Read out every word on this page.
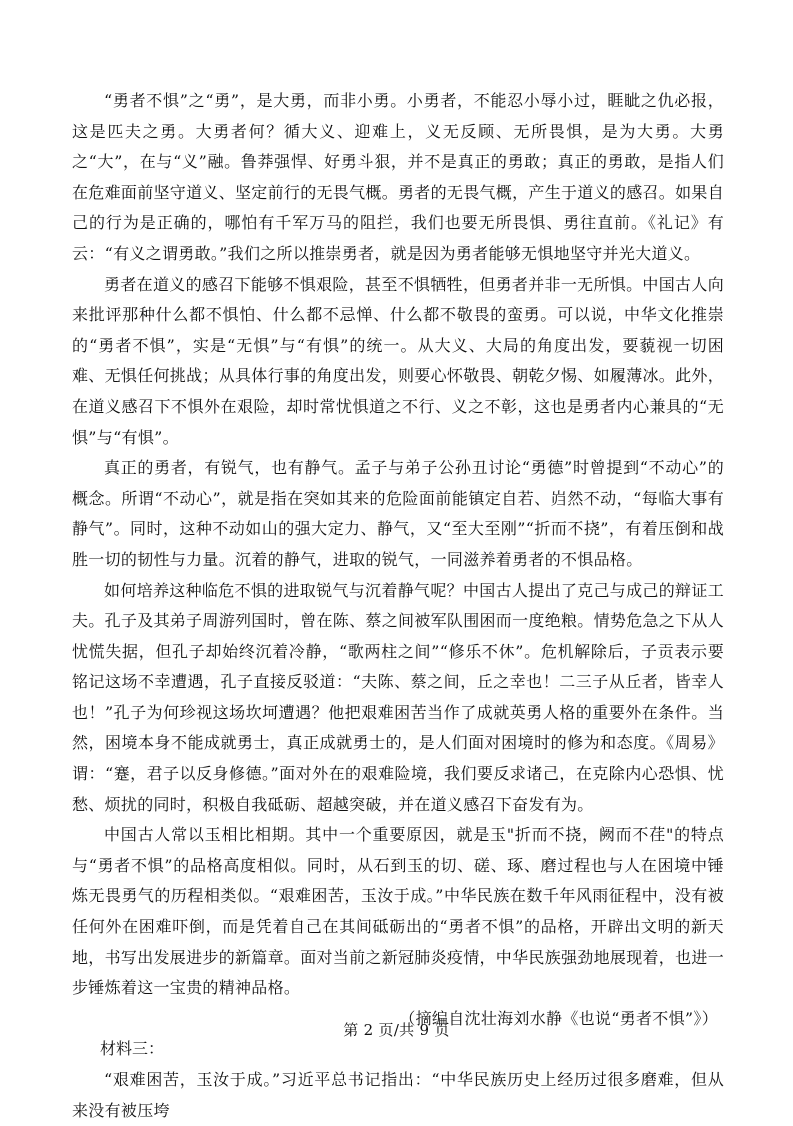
“勇者不惧”之“勇”，是大勇，而非小勇。小勇者，不能忍小辱小过，睚眦之仇必报，这是匹夫之勇。大勇者何？循大义、迎难上，义无反顾、无所畏惧，是为大勇。大勇之“大”，在与“义”融。鲁莽强悍、好勇斗狠，并不是真正的勇敢；真正的勇敢，是指人们在危难面前坚守道义、坚定前行的无畏气概。勇者的无畏气概，产生于道义的感召。如果自己的行为是正确的，哪怕有千军万马的阻拦，我们也要无所畏惧、勇往直前。《礼记》有云：“有义之谓勇敢。”我们之所以推崇勇者，就是因为勇者能够无惧地坚守并光大道义。

勇者在道义的感召下能够不惧艰险，甚至不惧牺牲，但勇者并非一无所惧。中国古人向来批评那种什么都不惧怕、什么都不忌惮、什么都不敬畏的蛮勇。可以说，中华文化推崇的“勇者不惧”，实是“无惧”与“有惧”的统一。从大义、大局的角度出发，要藐视一切困难、无惧任何挑战；从具体行事的角度出发，则要心怀敬畏、朝乾夕惕、如履薄冰。此外，在道义感召下不惧外在艰险，却时常忧惧道之不行、义之不彰，这也是勇者内心兼具的“无惧”与“有惧”。

真正的勇者，有锐气，也有静气。孟子与弟子公孙丑讨论“勇德”时曾提到“不动心”的概念。所谓“不动心”，就是指在突如其来的危险面前能镇定自若、岿然不动，“每临大事有静气”。同时，这种不动如山的强大定力、静气，又“至大至刚”“折而不挠”，有着压倒和战胜一切的韧性与力量。沉着的静气，进取的锐气，一同滋养着勇者的不惧品格。

如何培养这种临危不惧的进取锐气与沉着静气呢？中国古人提出了克己与成己的辩证工夫。孔子及其弟子周游列国时，曾在陈、蔡之间被军队围困而一度绝粮。情势危急之下从人忧慌失据，但孔子却始终沉着冷静，“歌两柱之间”“修乐不休”。危机解除后，子贡表示要铭记这场不幸遭遇，孔子直接反驳道：“夫陈、蔡之间，丘之幸也！二三子从丘者，皆幸人也！”孔子为何珍视这场坎坷遭遇？他把艰难困苦当作了成就英勇人格的重要外在条件。当然，困境本身不能成就勇士，真正成就勇士的，是人们面对困境时的修为和态度。《周易》谓：“蹇，君子以反身修德。”面对外在的艰难险境，我们要反求诸己，在克除内心恐惧、忧愁、烦扰的同时，积极自我砥砺、超越突破，并在道义感召下奋发有为。

中国古人常以玉相比相期。其中一个重要原因，就是玉"折而不挠，阙而不荏"的特点与“勇者不惧”的品格高度相似。同时，从石到玉的切、磋、琢、磨过程也与人在困境中锤炼无畏勇气的历程相类似。“艰难困苦，玉汝于成。”中华民族在数千年风雨征程中，没有被任何外在困难吓倒，而是凭着自己在其间砥砺出的“勇者不惧”的品格，开辟出文明的新天地，书写出发展进步的新篇章。面对当前之新冠肺炎疫情，中华民族强劲地展现着，也进一步锤炼着这一宝贵的精神品格。

（摘编自沈壮海刘水静《也说“勇者不惧”》）

材料三：

“艰难困苦，玉汝于成。”习近平总书记指出：“中华民族历史上经历过很多磨难，但从来没有被压垮

第 2 页/共 9 页
